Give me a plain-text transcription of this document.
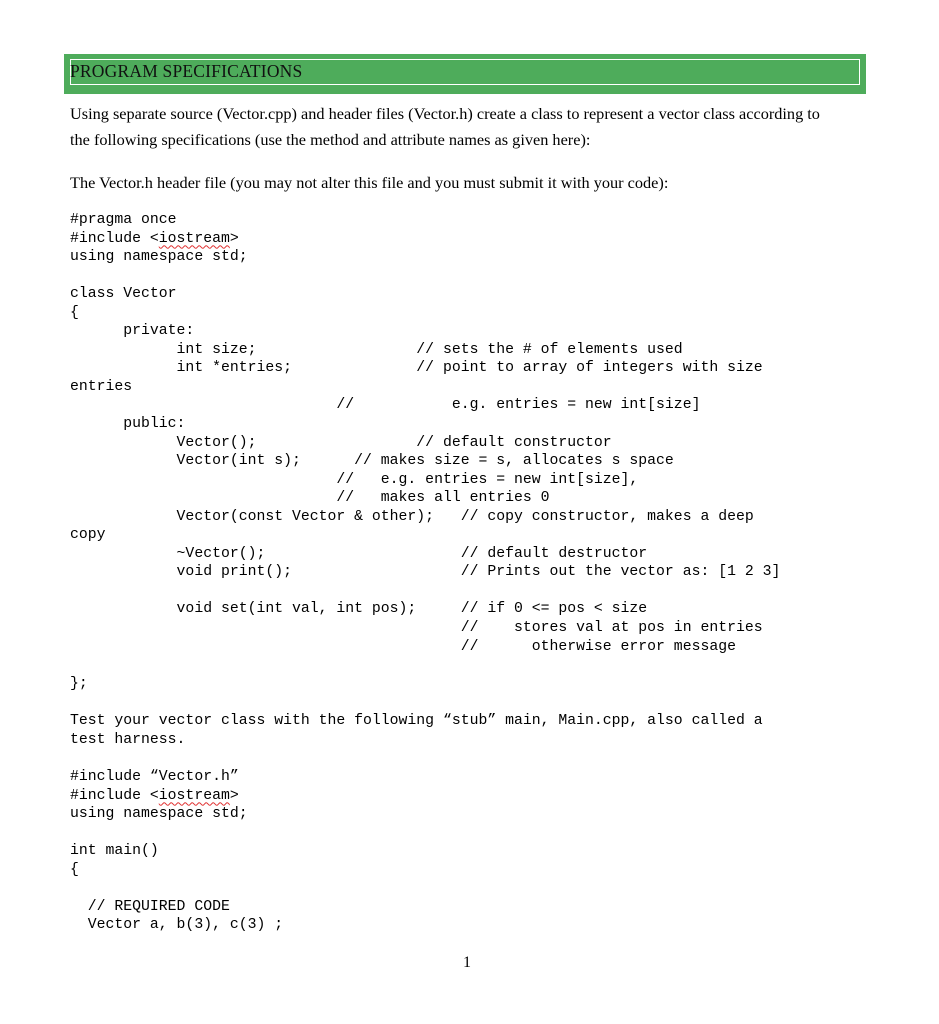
PROGRAM SPECIFICATIONS
Using separate source (Vector.cpp) and header files (Vector.h) create a class to represent a vector class according to
the following specifications (use the method and attribute names as given here):
The Vector.h header file (you may not alter this file and you must submit it with your code):
#pragma once
#include <iostream>
using namespace std;

class Vector
{
private:
int size;                  // sets the # of elements used
int *entries;              // point to array of integers with size
entries
//           e.g. entries = new int[size]
public:
Vector();                  // default constructor
Vector(int s);      // makes size = s, allocates s space
//   e.g. entries = new int[size],
//   makes all entries 0
Vector(const Vector & other);   // copy constructor, makes a deep
copy
~Vector();                      // default destructor
void print();                   // Prints out the vector as: [1 2 3]

void set(int val, int pos);     // if 0 <= pos < size
//    stores val at pos in entries
//      otherwise error message

};
Test your vector class with the following “stub” main, Main.cpp, also called a
test harness.
#include “Vector.h”
#include <iostream>
using namespace std;

int main()
{

// REQUIRED CODE
Vector a, b(3), c(3) ;
1
